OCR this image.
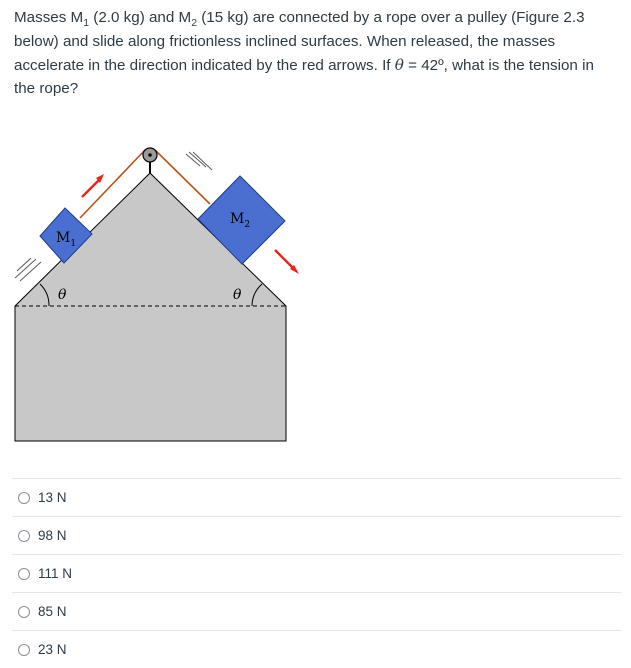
Masses $M_1$ (2.0 kg) and $M_2$ (15 kg) are connected by a rope over a pulley (Figure 2.3 below) and slide along frictionless inclined surfaces. When released, the masses accelerate in the direction indicated by the red arrows. If θ = 42º, what is the tension in the rope?

$M_1$
$M_2$
θ	θ
13 N
98 N
111 N
85 N
23 N
